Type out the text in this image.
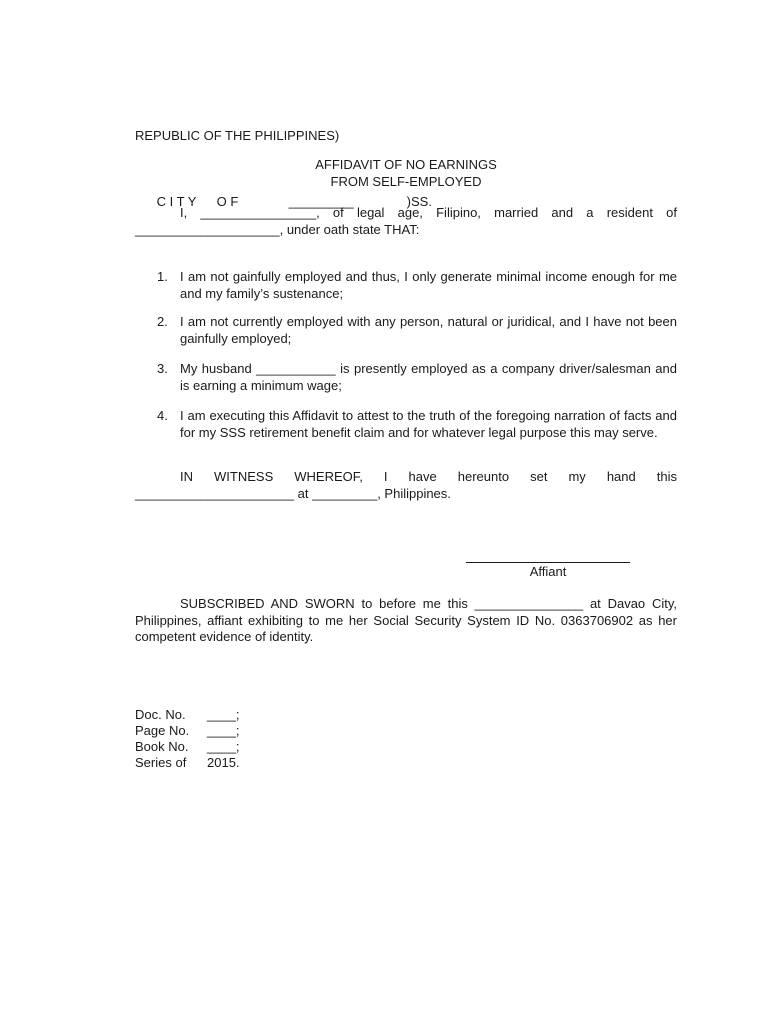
REPUBLIC OF THE PHILIPPINES)

C I T Y O F	_________	)SS.

AFFIDAVIT OF NO EARNINGS
FROM SELF-EMPLOYED
I, ________________, of legal age, Filipino, married and a resident of ____________________, under oath state THAT:
1. I am not gainfully employed and thus, I only generate minimal income enough for me and my family’s sustenance;
2. I am not currently employed with any person, natural or juridical, and I have not been gainfully employed;
3. My husband ___________ is presently employed as a company driver/salesman and is earning a minimum wage;
4. I am executing this Affidavit to attest to the truth of the foregoing narration of facts and for my SSS retirement benefit claim and for whatever legal purpose this may serve.
IN WITNESS WHEREOF, I have hereunto set my hand this ______________________ at _________, Philippines.
Affiant
SUBSCRIBED AND SWORN to before me this _______________ at Davao City, Philippines, affiant exhibiting to me her Social Security System ID No. 0363706902 as her competent evidence of identity.
Doc. No. ____;
Page No. ____;
Book No. ____;
Series of 2015.
